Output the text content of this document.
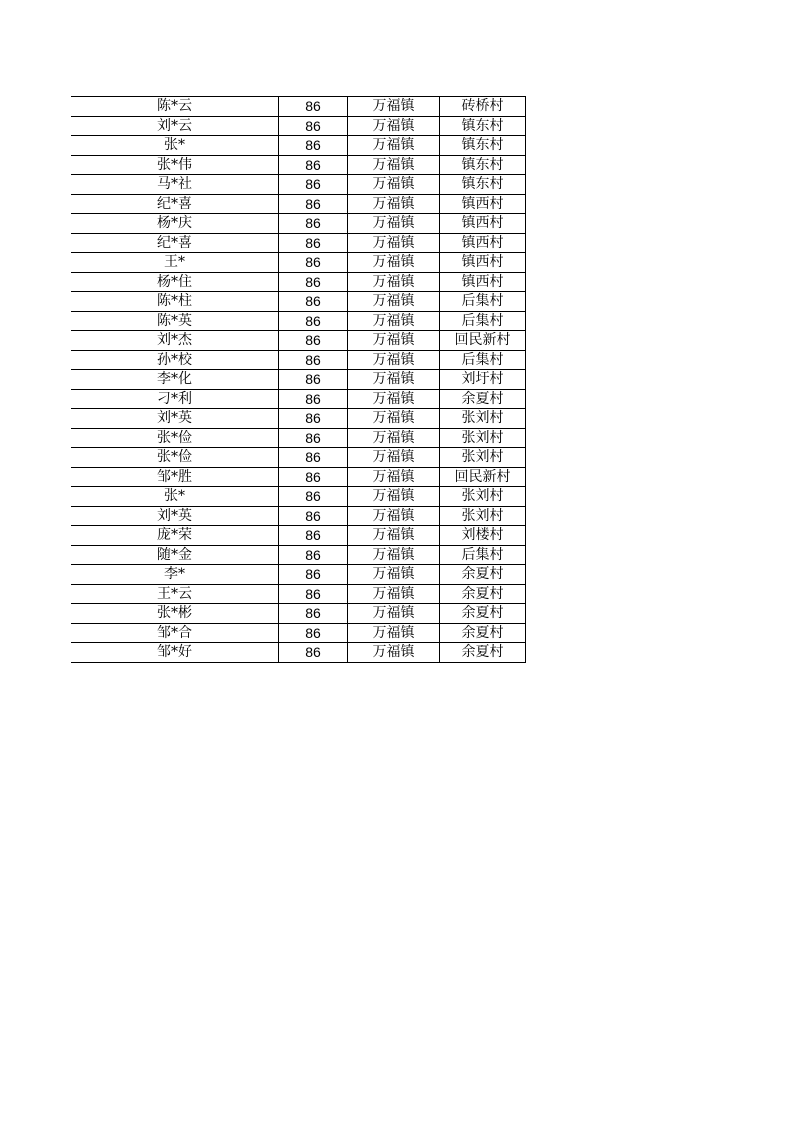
陈*云	86	万福镇	砖桥村
刘*云	86	万福镇	镇东村
张*	86	万福镇	镇东村
张*伟	86	万福镇	镇东村
马*社	86	万福镇	镇东村
纪*喜	86	万福镇	镇西村
杨*庆	86	万福镇	镇西村
纪*喜	86	万福镇	镇西村
王*	86	万福镇	镇西村
杨*住	86	万福镇	镇西村
陈*柱	86	万福镇	后集村
陈*英	86	万福镇	后集村
刘*杰	86	万福镇	回民新村
孙*校	86	万福镇	后集村
李*化	86	万福镇	刘圩村
刁*利	86	万福镇	余夏村
刘*英	86	万福镇	张刘村
张*俭	86	万福镇	张刘村
张*俭	86	万福镇	张刘村
邹*胜	86	万福镇	回民新村
张*	86	万福镇	张刘村
刘*英	86	万福镇	张刘村
庞*荣	86	万福镇	刘楼村
随*金	86	万福镇	后集村
李*	86	万福镇	余夏村
王*云	86	万福镇	余夏村
张*彬	86	万福镇	余夏村
邹*合	86	万福镇	余夏村
邹*好	86	万福镇	余夏村
